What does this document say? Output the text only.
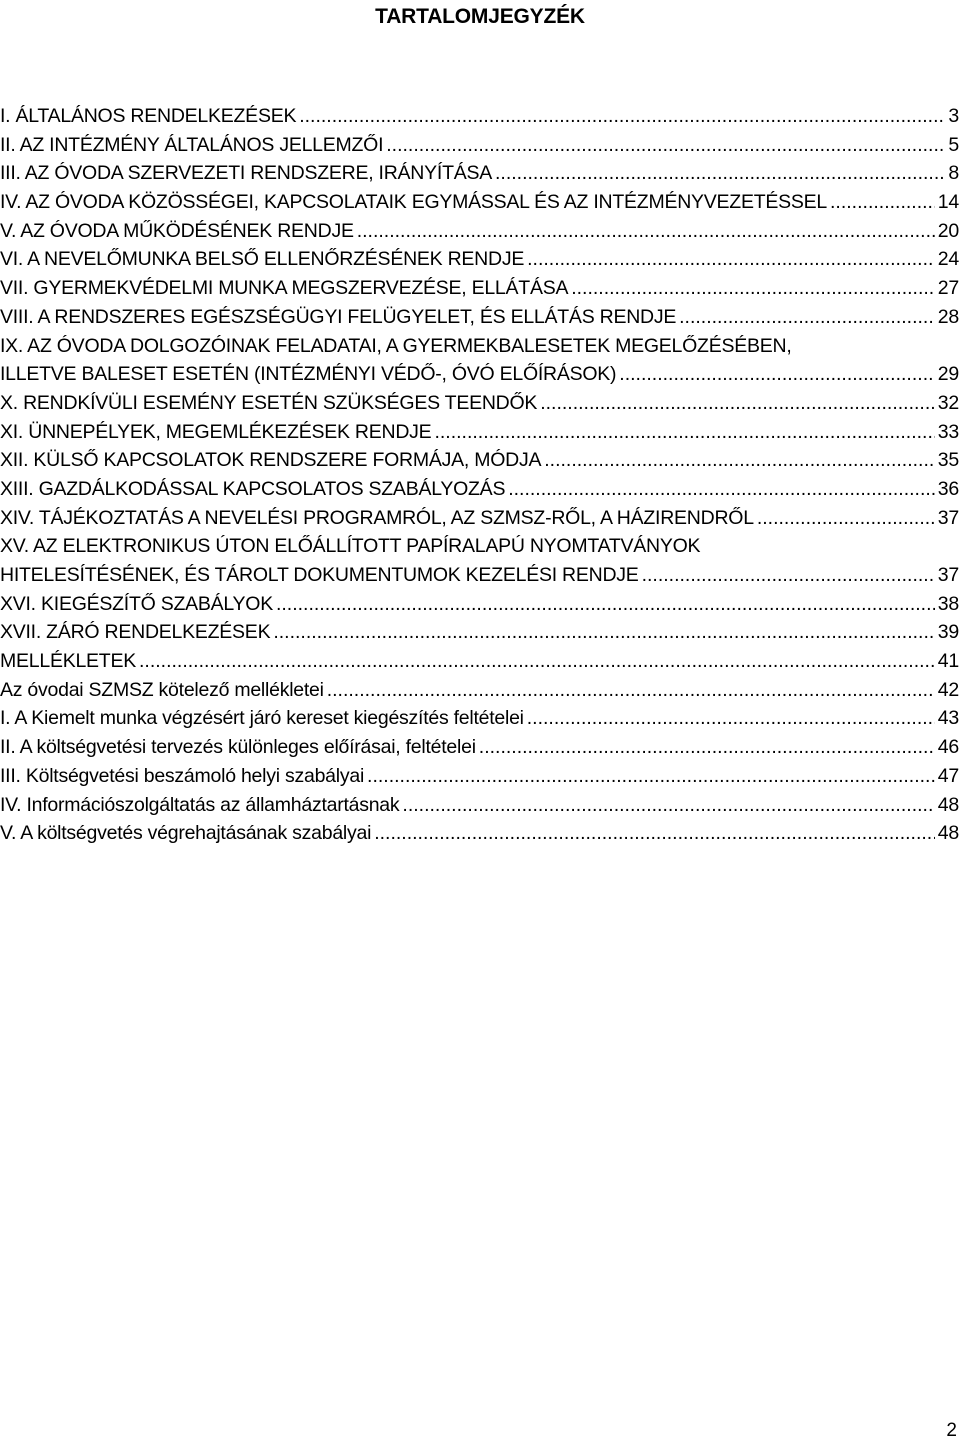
TARTALOMJEGYZÉK
I. ÁLTALÁNOS RENDELKEZÉSEK .....	3
II. AZ INTÉZMÉNY ÁLTALÁNOS JELLEMZŐI .....	5
III. AZ ÓVODA SZERVEZETI RENDSZERE, IRÁNYÍTÁSA .....	8
IV. AZ ÓVODA KÖZÖSSÉGEI, KAPCSOLATAIK EGYMÁSSAL ÉS AZ INTÉZMÉNYVEZETÉSSEL .....	14
V. AZ ÓVODA MŰKÖDÉSÉNEK RENDJE .....	20
VI. A NEVELŐMUNKA BELSŐ ELLENŐRZÉSÉNEK RENDJE .....	24
VII. GYERMEKVÉDELMI MUNKA MEGSZERVEZÉSE, ELLÁTÁSA .....	27
VIII. A RENDSZERES EGÉSZSÉGÜGYI FELÜGYELET, ÉS ELLÁTÁS RENDJE .....	28
IX. AZ ÓVODA DOLGOZÓINAK FELADATAI, A GYERMEKBALESETEK MEGELŐZÉSÉBEN,
ILLETVE BALESET ESETÉN (INTÉZMÉNYI VÉDŐ-, ÓVÓ ELŐÍRÁSOK) .....	29
X. RENDKÍVÜLI ESEMÉNY ESETÉN SZÜKSÉGES TEENDŐK .....	32
XI. ÜNNEPÉLYEK, MEGEMLÉKEZÉSEK RENDJE .....	33
XII. KÜLSŐ KAPCSOLATOK RENDSZERE FORMÁJA, MÓDJA .....	35
XIII. GAZDÁLKODÁSSAL KAPCSOLATOS SZABÁLYOZÁS .....	36
XIV. TÁJÉKOZTATÁS A NEVELÉSI PROGRAMRÓL, AZ SZMSZ-RŐL, A HÁZIRENDRŐL .....	37
XV. AZ ELEKTRONIKUS ÚTON ELŐÁLLÍTOTT PAPÍRALAPÚ NYOMTATVÁNYOK
HITELESÍTÉSÉNEK, ÉS TÁROLT DOKUMENTUMOK KEZELÉSI RENDJE .....	37
XVI. KIEGÉSZÍTŐ SZABÁLYOK .....	38
XVII. ZÁRÓ RENDELKEZÉSEK .....	39
MELLÉKLETEK .....	41
Az óvodai SZMSZ kötelező mellékletei .....	42
I. A Kiemelt munka végzésért járó kereset kiegészítés feltételei .....	43
II. A költségvetési tervezés különleges előírásai, feltételei .....	46
III. Költségvetési beszámoló helyi szabályai .....	47
IV. Információszolgáltatás az államháztartásnak .....	48
V. A költségvetés végrehajtásának szabályai .....	48
2
